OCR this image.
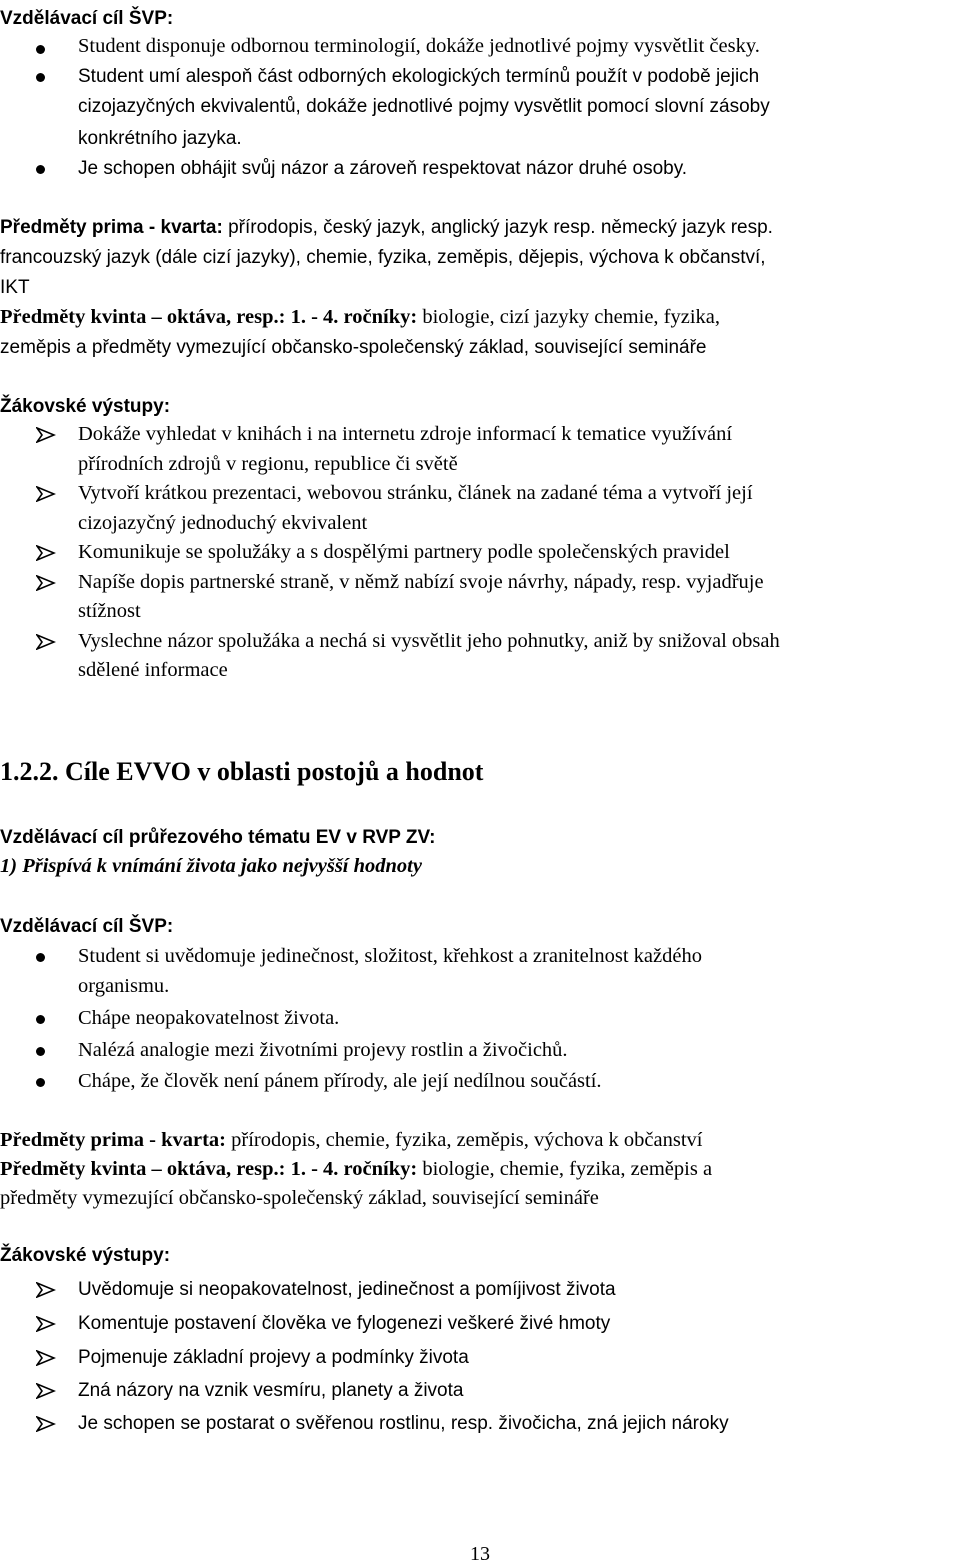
Vzdělávací cíl ŠVP:
Student disponuje odbornou terminologií, dokáže jednotlivé pojmy vysvětlit česky.
Student umí alespoň část odborných ekologických termínů použít v podobě jejich
cizojazyčných ekvivalentů, dokáže jednotlivé pojmy vysvětlit pomocí slovní zásoby
konkrétního jazyka.
Je schopen obhájit svůj názor a zároveň respektovat názor druhé osoby.
Předměty prima - kvarta: přírodopis, český jazyk, anglický jazyk resp. německý jazyk resp.
francouzský jazyk (dále cizí jazyky), chemie, fyzika, zeměpis, dějepis, výchova k občanství,
IKT
Předměty kvinta – oktáva, resp.: 1. - 4. ročníky: biologie, cizí jazyky chemie, fyzika,
zeměpis a předměty vymezující občansko-společenský základ, související semináře
Žákovské výstupy:
Dokáže vyhledat v knihách i na internetu zdroje informací k tematice využívání
přírodních zdrojů v regionu, republice či světě
Vytvoří krátkou prezentaci, webovou stránku, článek na zadané téma a vytvoří její
cizojazyčný jednoduchý ekvivalent
Komunikuje se spolužáky a s dospělými partnery podle společenských pravidel
Napíše dopis partnerské straně, v němž nabízí svoje návrhy, nápady, resp. vyjadřuje
stížnost
Vyslechne názor spolužáka a nechá si vysvětlit jeho pohnutky, aniž by snižoval obsah
sdělené informace
1.2.2. Cíle EVVO v oblasti postojů a hodnot
Vzdělávací cíl průřezového tématu EV v RVP ZV:
1) Přispívá k vnímání života jako nejvyšší hodnoty
Vzdělávací cíl ŠVP:
Student si uvědomuje jedinečnost, složitost, křehkost a zranitelnost každého
organismu.
Chápe neopakovatelnost života.
Nalézá analogie mezi životními projevy rostlin a živočichů.
Chápe, že člověk není pánem přírody, ale její nedílnou součástí.
Předměty prima - kvarta: přírodopis, chemie, fyzika, zeměpis, výchova k občanství
Předměty kvinta – oktáva, resp.: 1. - 4. ročníky: biologie, chemie, fyzika, zeměpis a
předměty vymezující občansko-společenský základ, související semináře
Žákovské výstupy:
Uvědomuje si neopakovatelnost, jedinečnost a pomíjivost života
Komentuje postavení člověka ve fylogenezi veškeré živé hmoty
Pojmenuje základní projevy a podmínky života
Zná názory na vznik vesmíru, planety a života
Je schopen se postarat o svěřenou rostlinu, resp. živočicha, zná jejich nároky
13
